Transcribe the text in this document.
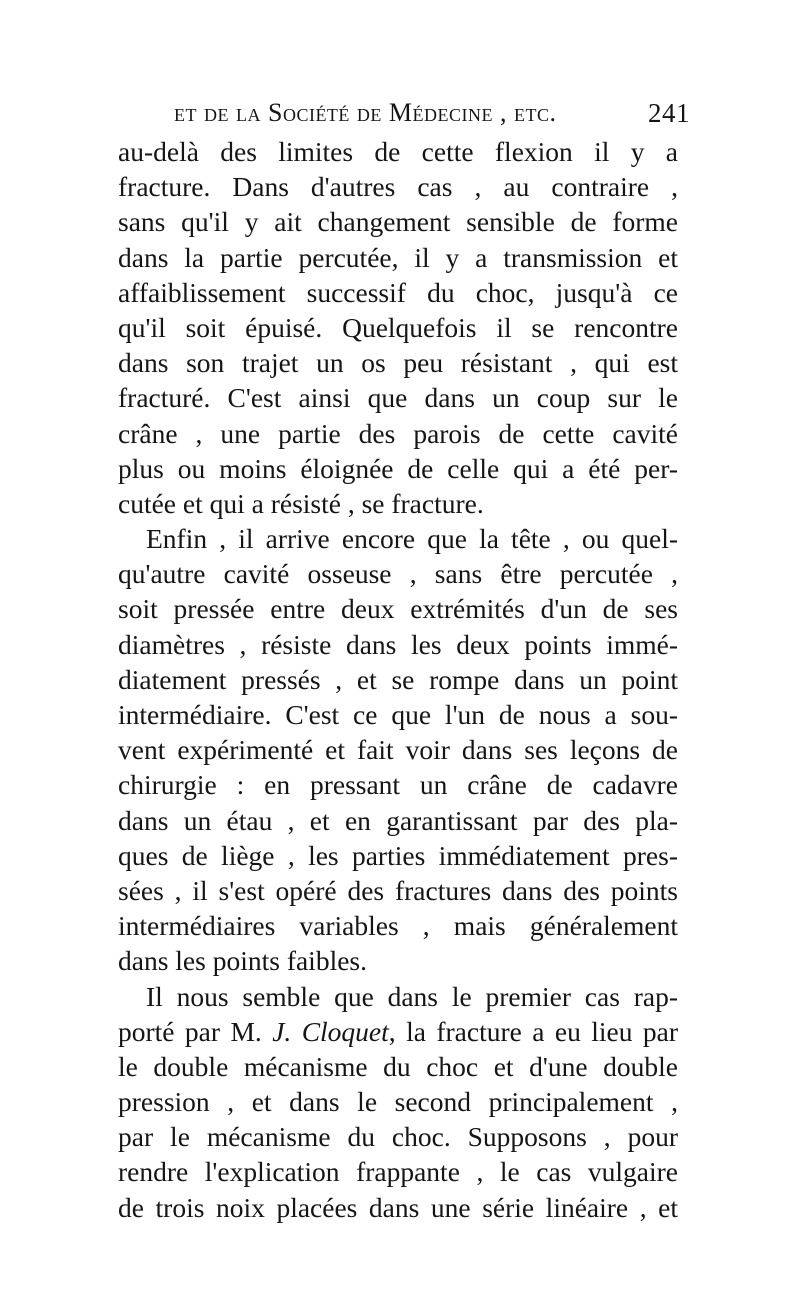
et de la Société de Médecine , etc.	241
au-delà des limites de cette flexion il y a
fracture. Dans d'autres cas , au contraire ,
sans qu'il y ait changement sensible de forme
dans la partie percutée, il y a transmission et
affaiblissement successif du choc, jusqu'à ce
qu'il soit épuisé. Quelquefois il se rencontre
dans son trajet un os peu résistant , qui est
fracturé. C'est ainsi que dans un coup sur le
crâne , une partie des parois de cette cavité
plus ou moins éloignée de celle qui a été per-
cutée et qui a résisté , se fracture.
Enfin , il arrive encore que la tête , ou quel-
qu'autre cavité osseuse , sans être percutée ,
soit pressée entre deux extrémités d'un de ses
diamètres , résiste dans les deux points immé-
diatement pressés , et se rompe dans un point
intermédiaire. C'est ce que l'un de nous a sou-
vent expérimenté et fait voir dans ses leçons de
chirurgie : en pressant un crâne de cadavre
dans un étau , et en garantissant par des pla-
ques de liège , les parties immédiatement pres-
sées , il s'est opéré des fractures dans des points
intermédiaires variables , mais généralement
dans les points faibles.
Il nous semble que dans le premier cas rap-
porté par M. J. Cloquet, la fracture a eu lieu par
le double mécanisme du choc et d'une double
pression , et dans le second principalement ,
par le mécanisme du choc. Supposons , pour
rendre l'explication frappante , le cas vulgaire
de trois noix placées dans une série linéaire , et
